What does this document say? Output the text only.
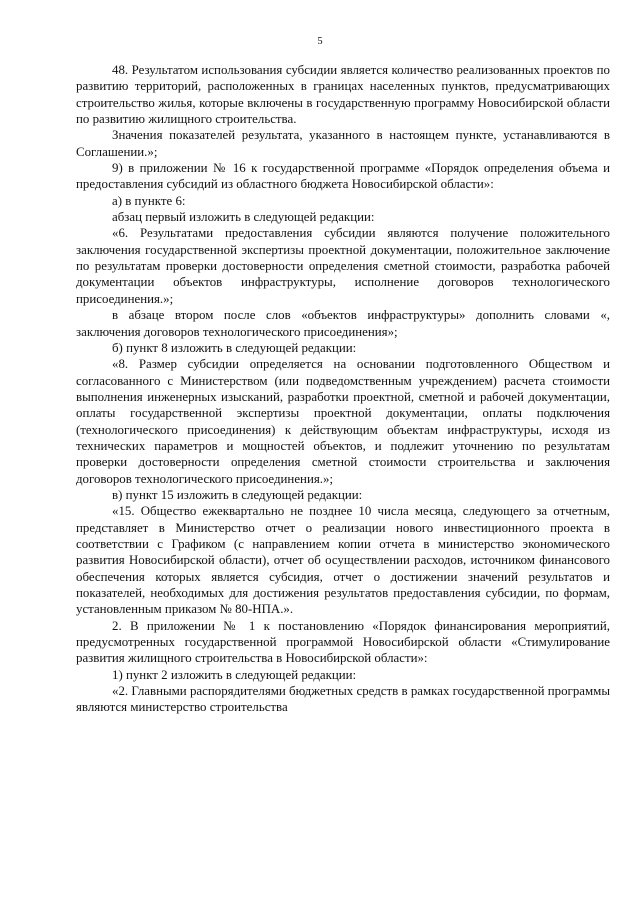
5

48. Результатом использования субсидии является количество реализованных проектов по развитию территорий, расположенных в границах населенных пунктов, предусматривающих строительство жилья, которые включены в государственную программу Новосибирской области по развитию жилищного строительства.

Значения показателей результата, указанного в настоящем пункте, устанавливаются в Соглашении.»;

9) в приложении № 16 к государственной программе «Порядок определения объема и предоставления субсидий из областного бюджета Новосибирской области»:

а) в пункте 6:

абзац первый изложить в следующей редакции:

«6. Результатами предоставления субсидии являются получение положительного заключения государственной экспертизы проектной документации, положительное заключение по результатам проверки достоверности определения сметной стоимости, разработка рабочей документации объектов инфраструктуры, исполнение договоров технологического присоединения.»;

в абзаце втором после слов «объектов инфраструктуры» дополнить словами «, заключения договоров технологического присоединения»;

б) пункт 8 изложить в следующей редакции:

«8. Размер субсидии определяется на основании подготовленного Обществом и согласованного с Министерством (или подведомственным учреждением) расчета стоимости выполнения инженерных изысканий, разработки проектной, сметной и рабочей документации, оплаты государственной экспертизы проектной документации, оплаты подключения (технологического присоединения) к действующим объектам инфраструктуры, исходя из технических параметров и мощностей объектов, и подлежит уточнению по результатам проверки достоверности определения сметной стоимости строительства и заключения договоров технологического присоединения.»;

в) пункт 15 изложить в следующей редакции:

«15. Общество ежеквартально не позднее 10 числа месяца, следующего за отчетным, представляет в Министерство отчет о реализации нового инвестиционного проекта в соответствии с Графиком (с направлением копии отчета в министерство экономического развития Новосибирской области), отчет об осуществлении расходов, источником финансового обеспечения которых является субсидия, отчет о достижении значений результатов и показателей, необходимых для достижения результатов предоставления субсидии, по формам, установленным приказом № 80-НПА.».

2. В приложении № 1 к постановлению «Порядок финансирования мероприятий, предусмотренных государственной программой Новосибирской области «Стимулирование развития жилищного строительства в Новосибирской области»:

1) пункт 2 изложить в следующей редакции:

«2. Главными распорядителями бюджетных средств в рамках государственной программы являются министерство строительства
